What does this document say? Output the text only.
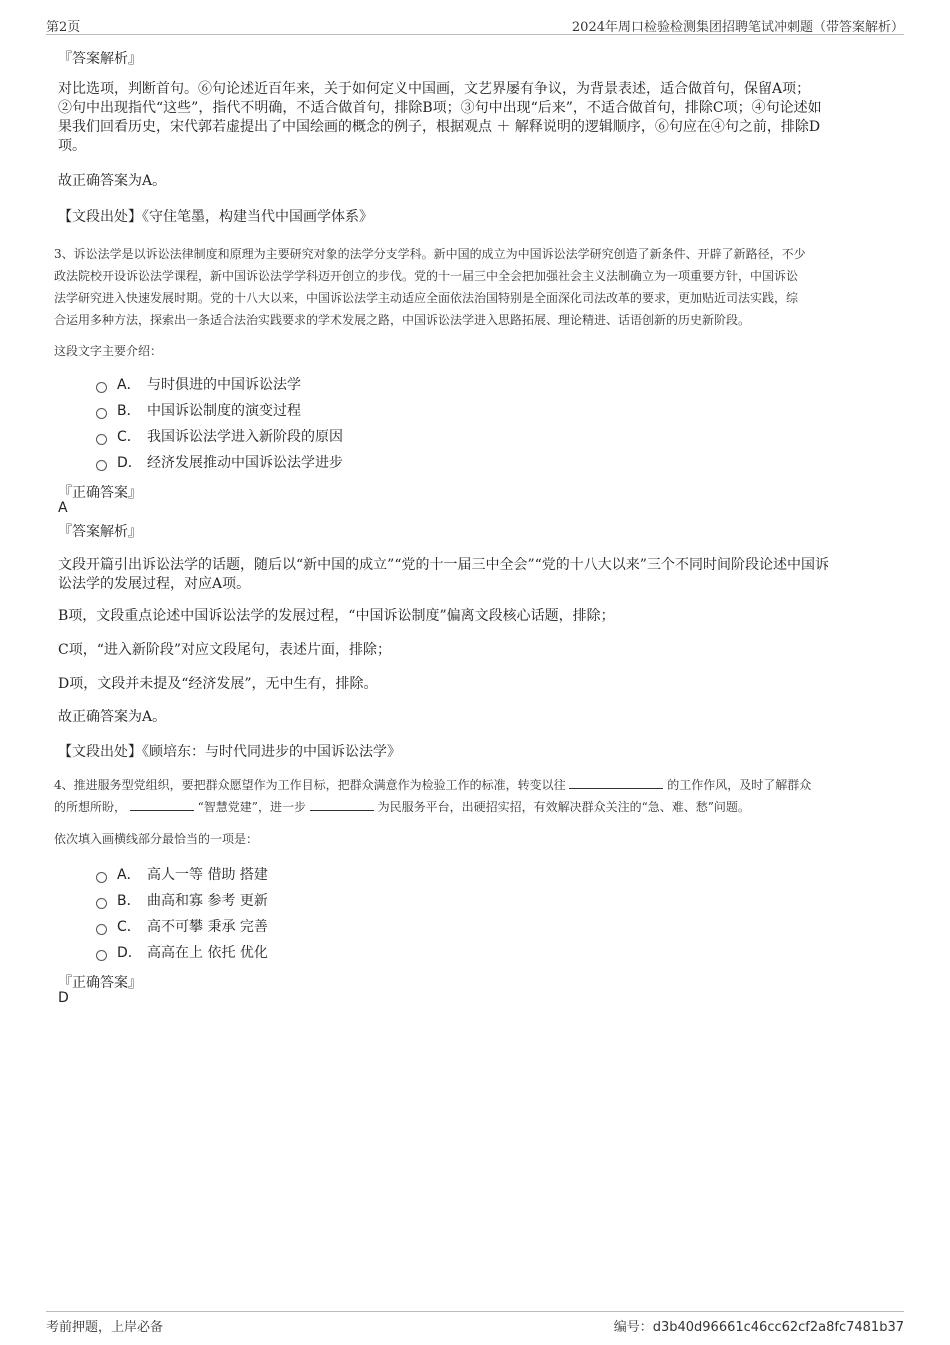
第2页	2024年周口检验检测集团招聘笔试冲刺题（带答案解析）
『答案解析』
对比选项，判断首句。⑥句论述近百年来，关于如何定义中国画，文艺界屡有争议，为背景表述，适合做首句，保留A项；
②句中出现指代“这些”，指代不明确，不适合做首句，排除B项；③句中出现“后来”，不适合做首句，排除C项；④句论述如
果我们回看历史，宋代郭若虚提出了中国绘画的概念的例子，根据观点 ＋ 解释说明的逻辑顺序，⑥句应在④句之前，排除D
项。
故正确答案为A。
【文段出处】《守住笔墨，构建当代中国画学体系》
3、诉讼法学是以诉讼法律制度和原理为主要研究对象的法学分支学科。新中国的成立为中国诉讼法学研究创造了新条件、开辟了新路径，不少
政法院校开设诉讼法学课程，新中国诉讼法学学科迈开创立的步伐。党的十一届三中全会把加强社会主义法制确立为一项重要方针，中国诉讼
法学研究进入快速发展时期。党的十八大以来，中国诉讼法学主动适应全面依法治国特别是全面深化司法改革的要求，更加贴近司法实践，综
合运用多种方法，探索出一条适合法治实践要求的学术发展之路，中国诉讼法学进入思路拓展、理论精进、话语创新的历史新阶段。
这段文字主要介绍：
A． 与时俱进的中国诉讼法学
B． 中国诉讼制度的演变过程
C． 我国诉讼法学进入新阶段的原因
D． 经济发展推动中国诉讼法学进步
『正确答案』
A
『答案解析』
文段开篇引出诉讼法学的话题，随后以“新中国的成立”“党的十一届三中全会”“党的十八大以来”三个不同时间阶段论述中国诉
讼法学的发展过程，对应A项。
B项，文段重点论述中国诉讼法学的发展过程，“中国诉讼制度”偏离文段核心话题，排除；
C项，“进入新阶段”对应文段尾句，表述片面，排除；
D项，文段并未提及“经济发展”，无中生有，排除。
故正确答案为A。
【文段出处】《顾培东：与时代同进步的中国诉讼法学》
4、推进服务型党组织，要把群众愿望作为工作目标，把群众满意作为检验工作的标准，转变以往	的工作作风，及时了解群众
的所想所盼，	“智慧党建”，进一步	为民服务平台，出硬招实招，有效解决群众关注的“急、难、愁”问题。
依次填入画横线部分最恰当的一项是：
A． 高人一等 借助 搭建
B． 曲高和寡 参考 更新
C． 高不可攀 秉承 完善
D． 高高在上 依托 优化
『正确答案』
D
考前押题，上岸必备	编号：d3b40d96661c46cc62cf2a8fc7481b37
